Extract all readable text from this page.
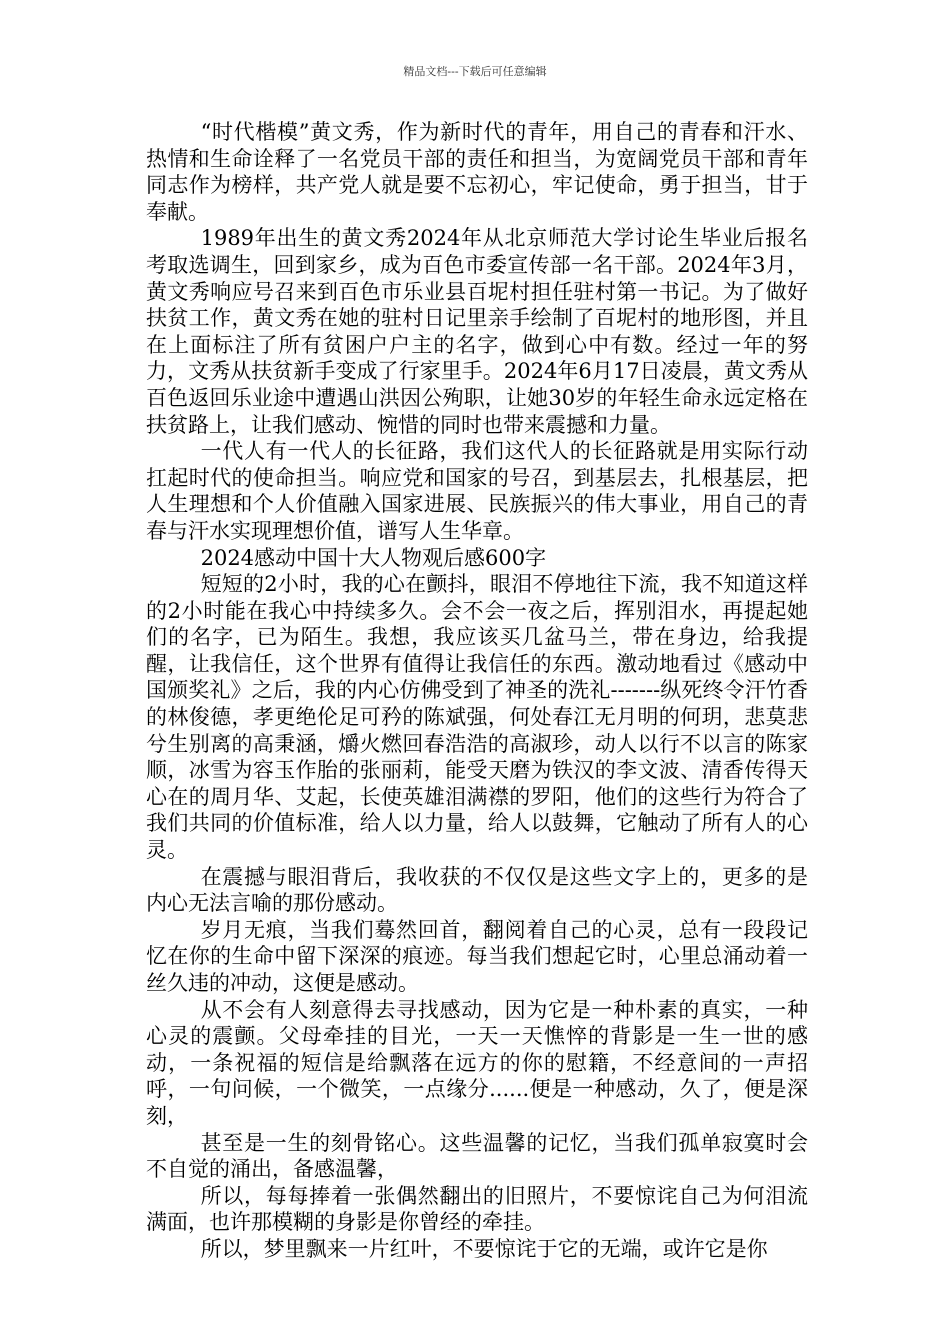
精品文档---下载后可任意编辑

“时代楷模”黄文秀，作为新时代的青年，用自己的青春和汗水、热情和生命诠释了一名党员干部的责任和担当，为宽阔党员干部和青年同志作为榜样，共产党人就是要不忘初心，牢记使命，勇于担当，甘于奉献。

1989年出生的黄文秀2024年从北京师范大学讨论生毕业后报名考取选调生，回到家乡，成为百色市委宣传部一名干部。2024年3月，黄文秀响应号召来到百色市乐业县百坭村担任驻村第一书记。为了做好扶贫工作，黄文秀在她的驻村日记里亲手绘制了百坭村的地形图，并且在上面标注了所有贫困户户主的名字，做到心中有数。经过一年的努力，文秀从扶贫新手变成了行家里手。2024年6月17日凌晨，黄文秀从百色返回乐业途中遭遇山洪因公殉职，让她30岁的年轻生命永远定格在扶贫路上，让我们感动、惋惜的同时也带来震撼和力量。

一代人有一代人的长征路，我们这代人的长征路就是用实际行动扛起时代的使命担当。响应党和国家的号召，到基层去，扎根基层，把人生理想和个人价值融入国家进展、民族振兴的伟大事业，用自己的青春与汗水实现理想价值，谱写人生华章。

2024感动中国十大人物观后感600字

短短的2小时，我的心在颤抖，眼泪不停地往下流，我不知道这样的2小时能在我心中持续多久。会不会一夜之后，挥别泪水，再提起她们的名字，已为陌生。我想，我应该买几盆马兰，带在身边，给我提醒，让我信任，这个世界有值得让我信任的东西。激动地看过《感动中国颁奖礼》之后，我的内心仿佛受到了神圣的洗礼-------纵死终令汗竹香的林俊德，孝更绝伦足可矜的陈斌强，何处春江无月明的何玥，悲莫悲兮生别离的高秉涵，爝火燃回春浩浩的高淑珍，动人以行不以言的陈家顺，冰雪为容玉作胎的张丽莉，能受天磨为铁汉的李文波、清香传得天心在的周月华、艾起，长使英雄泪满襟的罗阳，他们的这些行为符合了我们共同的价值标准，给人以力量，给人以鼓舞，它触动了所有人的心灵。

在震撼与眼泪背后，我收获的不仅仅是这些文字上的，更多的是内心无法言喻的那份感动。

岁月无痕，当我们蓦然回首，翻阅着自己的心灵，总有一段段记忆在你的生命中留下深深的痕迹。每当我们想起它时，心里总涌动着一丝久违的冲动，这便是感动。

从不会有人刻意得去寻找感动，因为它是一种朴素的真实，一种心灵的震颤。父母牵挂的目光，一天一天憔悴的背影是一生一世的感动，一条祝福的短信是给飘落在远方的你的慰籍，不经意间的一声招呼，一句问候，一个微笑，一点缘分......便是一种感动，久了，便是深刻，

甚至是一生的刻骨铭心。这些温馨的记忆，当我们孤单寂寞时会不自觉的涌出，备感温馨，

所以，每每捧着一张偶然翻出的旧照片，不要惊诧自己为何泪流满面，也许那模糊的身影是你曾经的牵挂。

所以，梦里飘来一片红叶，不要惊诧于它的无端，或许它是你
